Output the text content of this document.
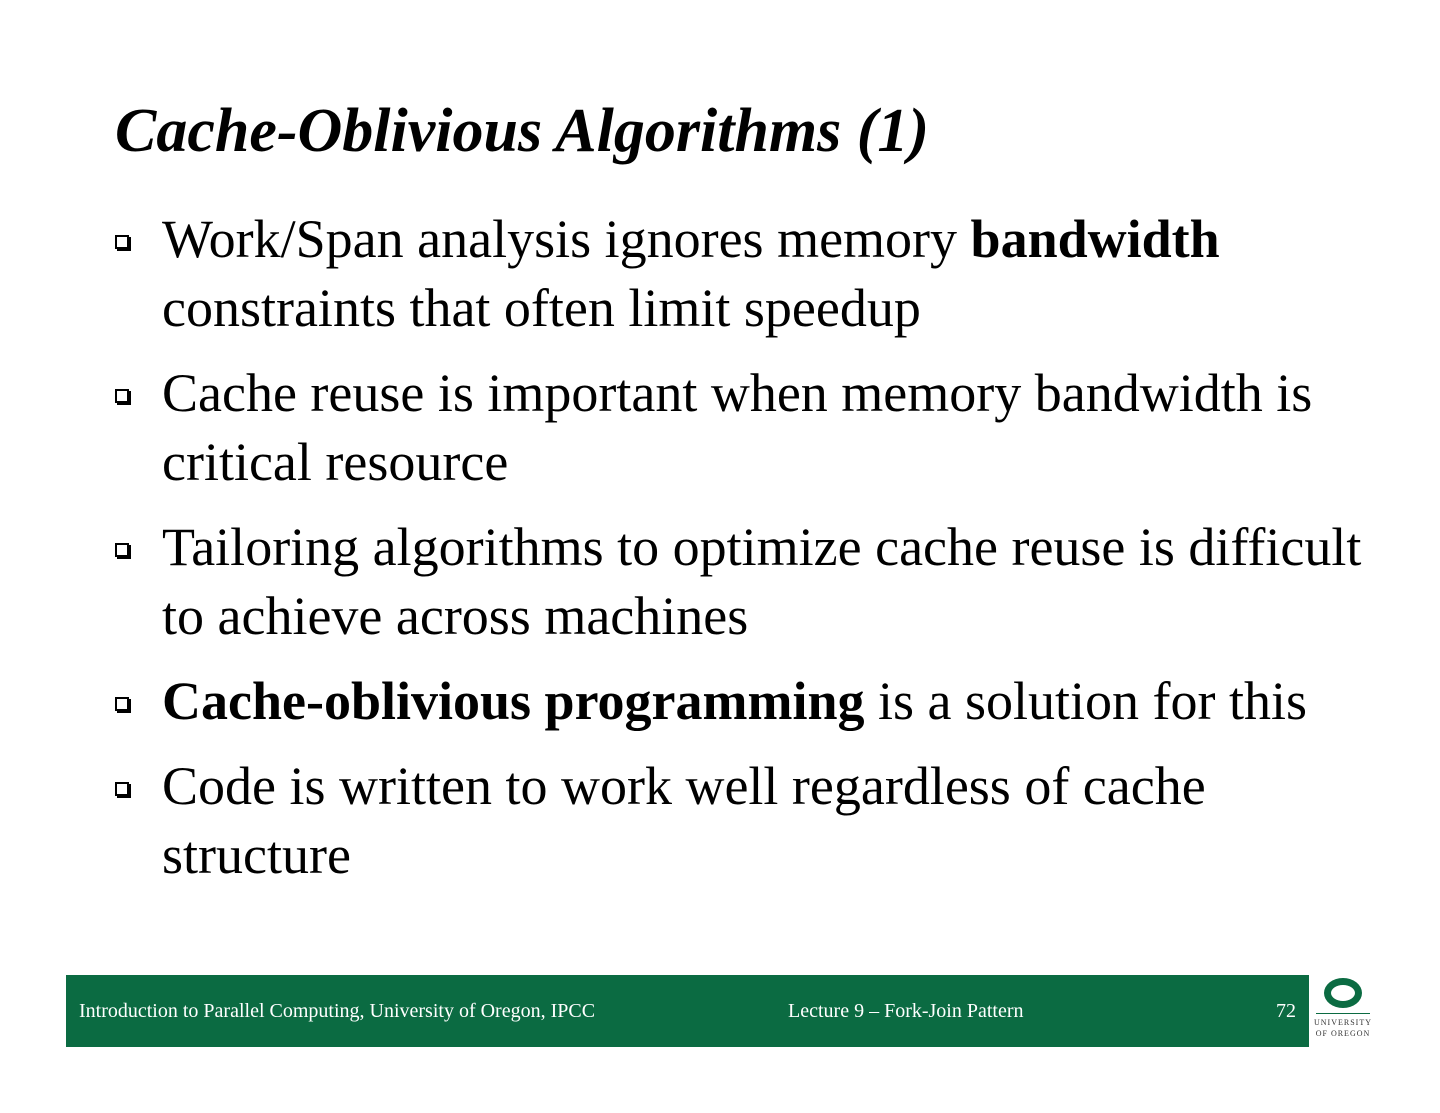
Cache-Oblivious Algorithms (1)
Work/Span analysis ignores memory bandwidth constraints that often limit speedup
Cache reuse is important when memory bandwidth is critical resource
Tailoring algorithms to optimize cache reuse is difficult to achieve across machines
Cache-oblivious programming is a solution for this
Code is written to work well regardless of cache structure
Introduction to Parallel Computing, University of Oregon, IPCC	Lecture 9 – Fork-Join Pattern	72
UNIVERSITY
OF OREGON
